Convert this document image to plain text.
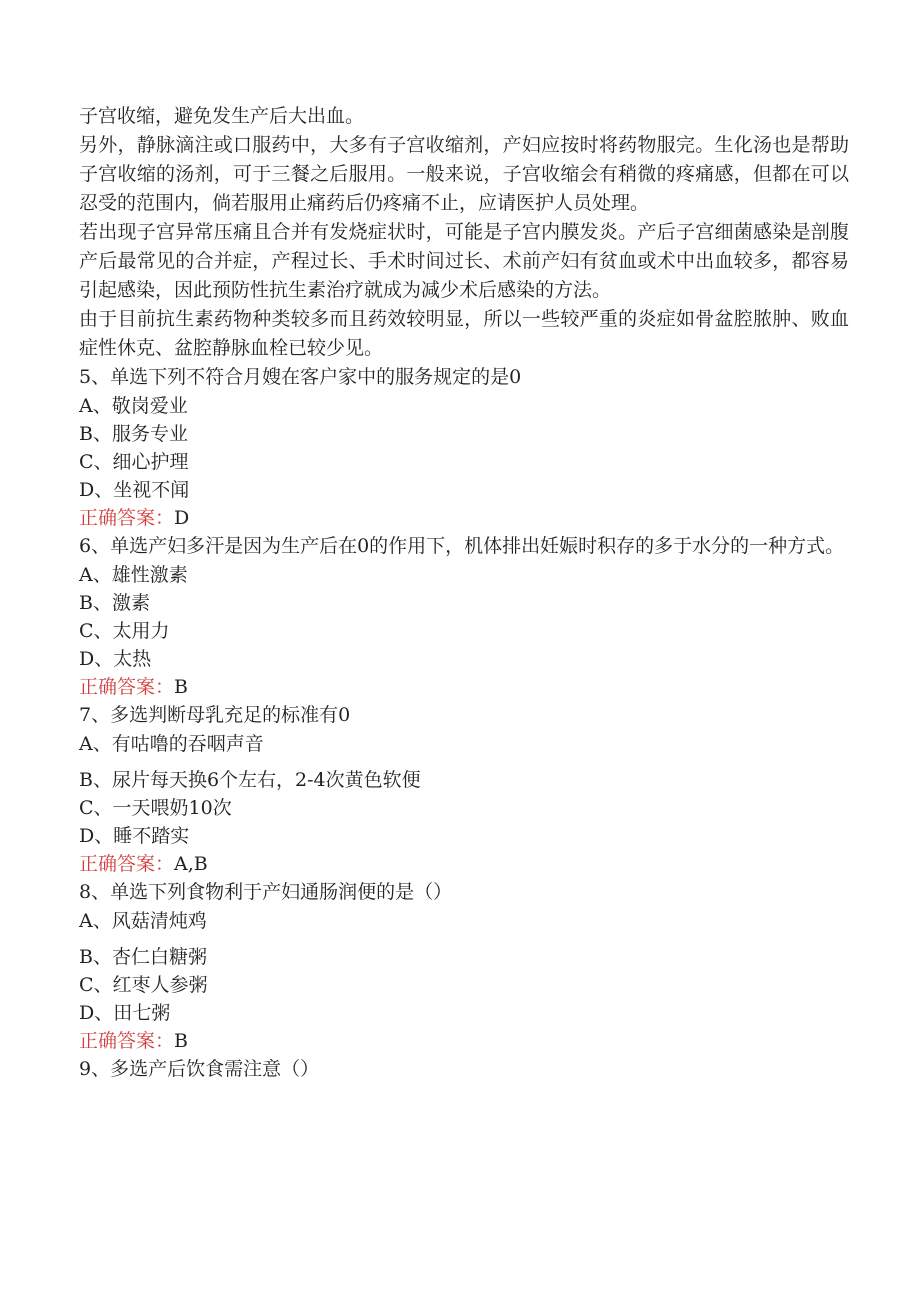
子宫收缩，避免发生产后大出血。

另外，静脉滴注或口服药中，大多有子宫收缩剂，产妇应按时将药物服完。生化汤也是帮助子宫收缩的汤剂，可于三餐之后服用。一般来说，子宫收缩会有稍微的疼痛感，但都在可以忍受的范围内，倘若服用止痛药后仍疼痛不止，应请医护人员处理。

若出现子宫异常压痛且合并有发烧症状时，可能是子宫内膜发炎。产后子宫细菌感染是剖腹产后最常见的合并症，产程过长、手术时间过长、术前产妇有贫血或术中出血较多，都容易引起感染，因此预防性抗生素治疗就成为减少术后感染的方法。

由于目前抗生素药物种类较多而且药效较明显，所以一些较严重的炎症如骨盆腔脓肿、败血症性休克、盆腔静脉血栓已较少见。

5、单选下列不符合月嫂在客户家中的服务规定的是0

A、敬岗爱业

B、服务专业

C、细心护理

D、坐视不闻

正确答案：D

6、单选产妇多汗是因为生产后在0的作用下，机体排出妊娠时积存的多于水分的一种方式。

A、雄性激素

B、激素

C、太用力

D、太热

正确答案：B

7、多选判断母乳充足的标准有0

A、有咕噜的吞咽声音

B、尿片每天换6个左右，2-4次黄色软便

C、一天喂奶10次

D、睡不踏实

正确答案：A,B

8、单选下列食物利于产妇通肠润便的是（）

A、风菇清炖鸡

B、杏仁白糖粥

C、红枣人参粥

D、田七粥

正确答案：B

9、多选产后饮食需注意（）
